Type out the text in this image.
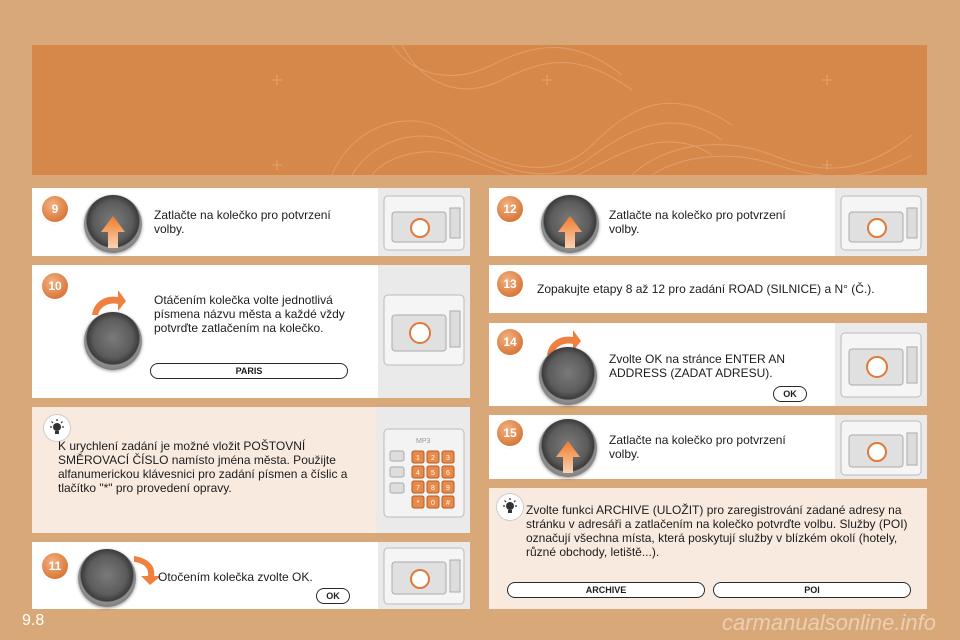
9	Zatlačte na kolečko pro potvrzení volby.
10
Otáčením kolečka volte jednotlivá písmena názvu města a každé vždy potvrďte zatlačením na kolečko.
PARIS
K urychlení zadání je možné vložit POŠTOVNÍ SMĚROVACÍ ČÍSLO namísto jména města. Použijte alfanumerickou klávesnici pro zadání písmen a číslic a tlačítko "*" pro provedení opravy.
MP3
1 2 3
4 5 6
7 8 9
* 0 #
11
Otočením kolečka zvolte OK.
OK
12	Zatlačte na kolečko pro potvrzení volby.
13	Zopakujte etapy 8 až 12 pro zadání ROAD (SILNICE) a N° (Č.).
14
Zvolte OK na stránce ENTER AN ADDRESS (ZADAT ADRESU).
OK
15	Zatlačte na kolečko pro potvrzení volby.
Zvolte funkci ARCHIVE (ULOŽIT) pro zaregistrování zadané adresy na stránku v adresáři a zatlačením na kolečko potvrďte volbu. Služby (POI) označují všechna místa, která poskytují služby v blízkém okolí (hotely, různé obchody, letiště...).
ARCHIVE	POI
9.8	carmanualsonline.info
